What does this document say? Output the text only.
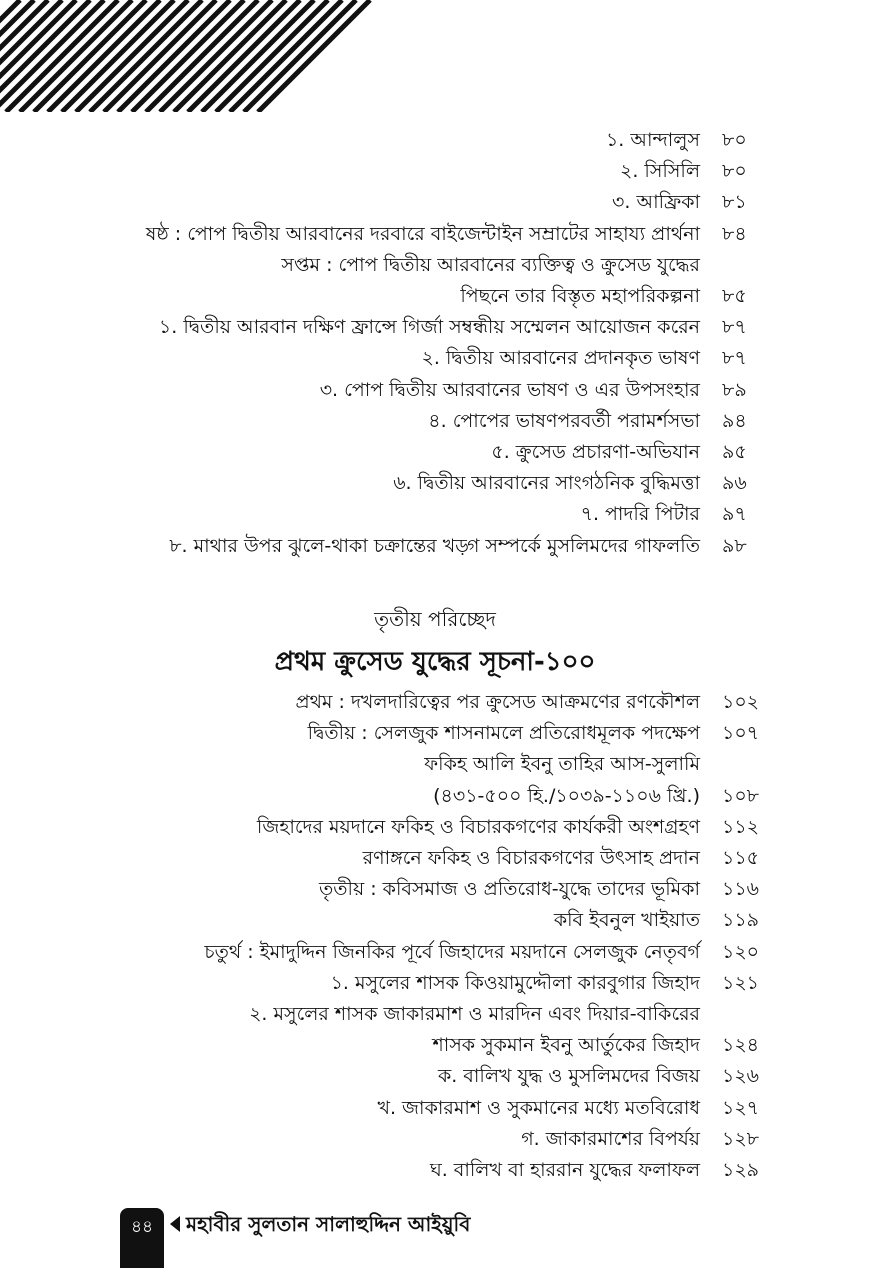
১. আন্দালুস ৮০
২. সিসিলি ৮০
৩. আফ্রিকা ৮১
ষষ্ঠ : পোপ দ্বিতীয় আরবানের দরবারে বাইজেন্টাইন সম্রাটের সাহায্য প্রার্থনা ৮৪
সপ্তম : পোপ দ্বিতীয় আরবানের ব্যক্তিত্ব ও ক্রুসেড যুদ্ধের
পিছনে তার বিস্তৃত মহাপরিকল্পনা ৮৫
১. দ্বিতীয় আরবান দক্ষিণ ফ্রান্সে গির্জা সম্বন্ধীয় সম্মেলন আয়োজন করেন ৮৭
২. দ্বিতীয় আরবানের প্রদানকৃত ভাষণ ৮৭
৩. পোপ দ্বিতীয় আরবানের ভাষণ ও এর উপসংহার ৮৯
৪. পোপের ভাষণপরবর্তী পরামর্শসভা ৯৪
৫. ক্রুসেড প্রচারণা-অভিযান ৯৫
৬. দ্বিতীয় আরবানের সাংগঠনিক বুদ্ধিমত্তা ৯৬
৭. পাদরি পিটার ৯৭
৮. মাথার উপর ঝুলে-থাকা চক্রান্তের খড়্গ সম্পর্কে মুসলিমদের গাফলতি ৯৮
তৃতীয় পরিচ্ছেদ
প্রথম ক্রুসেড যুদ্ধের সূচনা-১০০
প্রথম : দখলদারিত্বের পর ক্রুসেড আক্রমণের রণকৌশল ১০২
দ্বিতীয় : সেলজুক শাসনামলে প্রতিরোধমূলক পদক্ষেপ ১০৭
ফকিহ আলি ইবনু তাহির আস-সুলামি
(৪৩১-৫০০ হি./১০৩৯-১১০৬ খ্রি.) ১০৮
জিহাদের ময়দানে ফকিহ ও বিচারকগণের কার্যকরী অংশগ্রহণ ১১২
রণাঙ্গনে ফকিহ ও বিচারকগণের উৎসাহ প্রদান ১১৫
তৃতীয় : কবিসমাজ ও প্রতিরোধ-যুদ্ধে তাদের ভূমিকা ১১৬
কবি ইবনুল খাইয়াত ১১৯
চতুর্থ : ইমাদুদ্দিন জিনকির পূর্বে জিহাদের ময়দানে সেলজুক নেতৃবর্গ ১২০
১. মসুলের শাসক কিওয়ামুদ্দৌলা কারবুগার জিহাদ ১২১
২. মসুলের শাসক জাকারমাশ ও মারদিন এবং দিয়ার-বাকিরের
শাসক সুকমান ইবনু আর্তুকের জিহাদ ১২৪
ক. বালিখ যুদ্ধ ও মুসলিমদের বিজয় ১২৬
খ. জাকারমাশ ও সুকমানের মধ্যে মতবিরোধ ১২৭
গ. জাকারমাশের বিপর্যয় ১২৮
ঘ. বালিখ বা হাররান যুদ্ধের ফলাফল ১২৯
৪৪	মহাবীর সুলতান সালাহুদ্দিন আইয়ুবি
